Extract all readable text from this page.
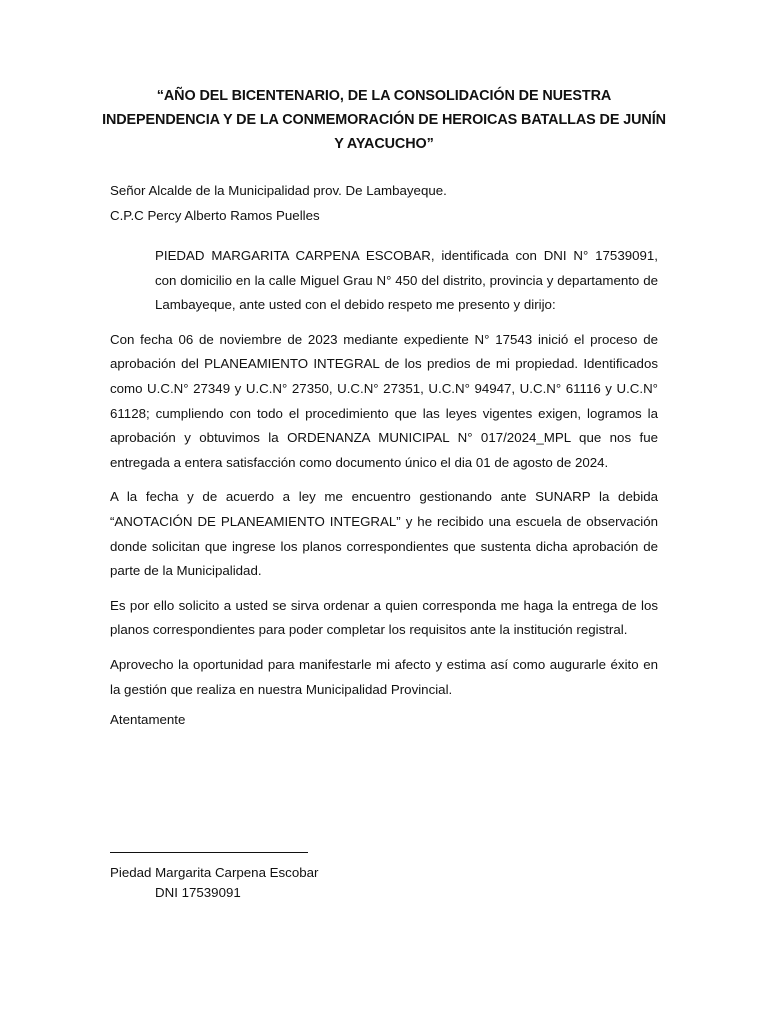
“AÑO DEL BICENTENARIO, DE LA CONSOLIDACIÓN DE NUESTRA INDEPENDENCIA Y DE LA CONMEMORACIÓN DE HEROICAS BATALLAS DE JUNÍN Y AYACUCHO”
Señor Alcalde de la Municipalidad prov. De Lambayeque.
C.P.C Percy Alberto Ramos Puelles

PIEDAD MARGARITA CARPENA ESCOBAR, identificada con DNI N° 17539091, con domicilio en la calle Miguel Grau N° 450 del distrito, provincia y departamento de Lambayeque, ante usted con el debido respeto me presento y dirijo:

Con fecha 06 de noviembre de 2023 mediante expediente N° 17543 inició el proceso de aprobación del PLANEAMIENTO INTEGRAL de los predios de mi propiedad. Identificados como U.C.N° 27349 y U.C.N° 27350, U.C.N° 27351, U.C.N° 94947, U.C.N° 61116 y U.C.N° 61128; cumpliendo con todo el procedimiento que las leyes vigentes exigen, logramos la aprobación y obtuvimos la ORDENANZA MUNICIPAL N° 017/2024_MPL que nos fue entregada a entera satisfacción como documento único el dia 01 de agosto de 2024.

A la fecha y de acuerdo a ley me encuentro gestionando ante SUNARP la debida “ANOTACIÓN DE PLANEAMIENTO INTEGRAL” y he recibido una escuela de observación donde solicitan que ingrese los planos correspondientes que sustenta dicha aprobación de parte de la Municipalidad.

Es por ello solicito a usted se sirva ordenar a quien corresponda me haga la entrega de los planos correspondientes para poder completar los requisitos ante la institución registral.

Aprovecho la oportunidad para manifestarle mi afecto y estima así como augurarle éxito en la gestión que realiza en nuestra Municipalidad Provincial.

Atentamente
Piedad Margarita Carpena Escobar
DNI 17539091
